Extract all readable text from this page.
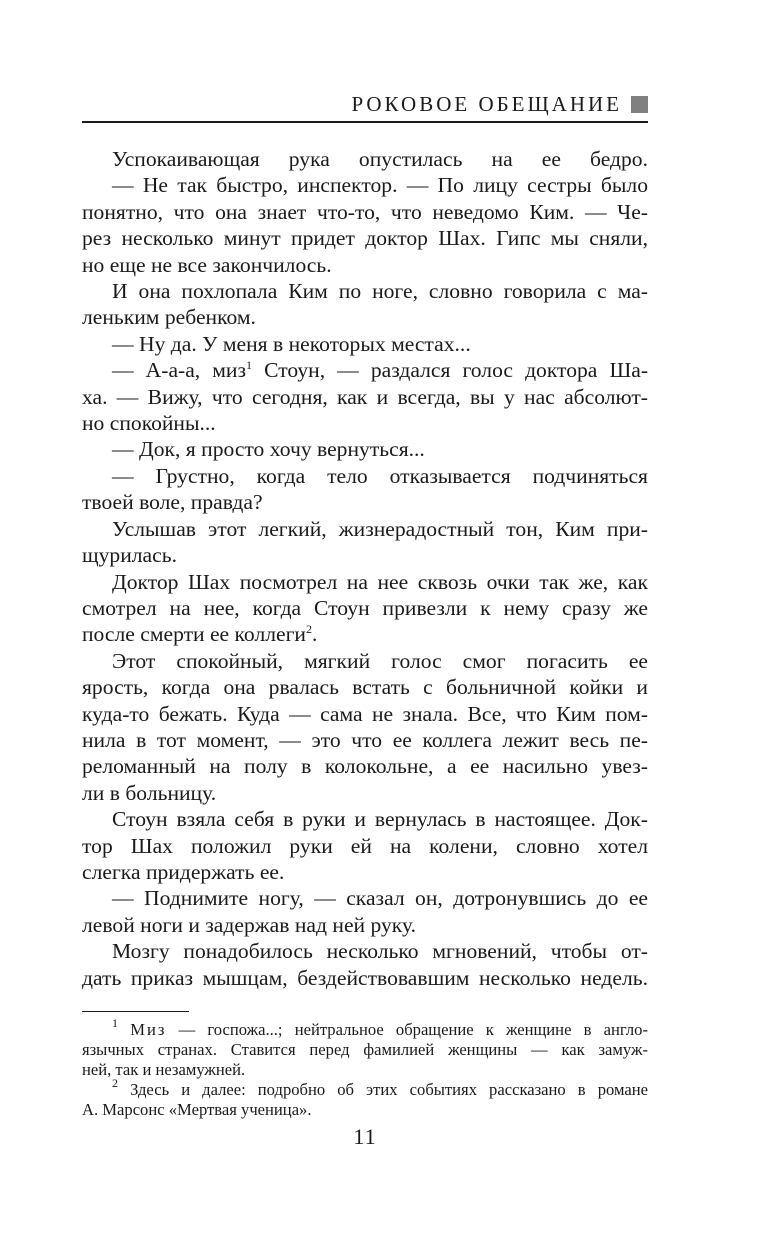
РОКОВОЕ ОБЕЩАНИЕ
Успокаивающая рука опустилась на ее бедро.
— Не так быстро, инспектор. — По лицу сестры было
понятно, что она знает что-то, что неведомо Ким. — Че-
рез несколько минут придет доктор Шах. Гипс мы сняли,
но еще не все закончилось.
И она похлопала Ким по ноге, словно говорила с ма-
леньким ребенком.
— Ну да. У меня в некоторых местах...
— А-а-а, миз$^1$ Стоун, — раздался голос доктора Ша-
ха. — Вижу, что сегодня, как и всегда, вы у нас абсолют-
но спокойны...
— Док, я просто хочу вернуться...
— Грустно, когда тело отказывается подчиняться
твоей воле, правда?
Услышав этот легкий, жизнерадостный тон, Ким при-
щурилась.
Доктор Шах посмотрел на нее сквозь очки так же, как
смотрел на нее, когда Стоун привезли к нему сразу же
после смерти ее коллеги$^2$.
Этот спокойный, мягкий голос смог погасить ее
ярость, когда она рвалась встать с больничной койки и
куда-то бежать. Куда — сама не знала. Все, что Ким пом-
нила в тот момент, — это что ее коллега лежит весь пе-
реломанный на полу в колокольне, а ее насильно увез-
ли в больницу.
Стоун взяла себя в руки и вернулась в настоящее. Док-
тор Шах положил руки ей на колени, словно хотел
слегка придержать ее.
— Поднимите ногу, — сказал он, дотронувшись до ее
левой ноги и задержав над ней руку.
Мозгу понадобилось несколько мгновений, чтобы от-
дать приказ мышцам, бездействовавшим несколько недель.
$^1$ Миз — госпожа...; нейтральное обращение к женщине в англо-
язычных странах. Ставится перед фамилией женщины — как замуж-
ней, так и незамужней.
$^2$ Здесь и далее: подробно об этих событиях рассказано в романе
А. Марсонс «Мертвая ученица».
11
